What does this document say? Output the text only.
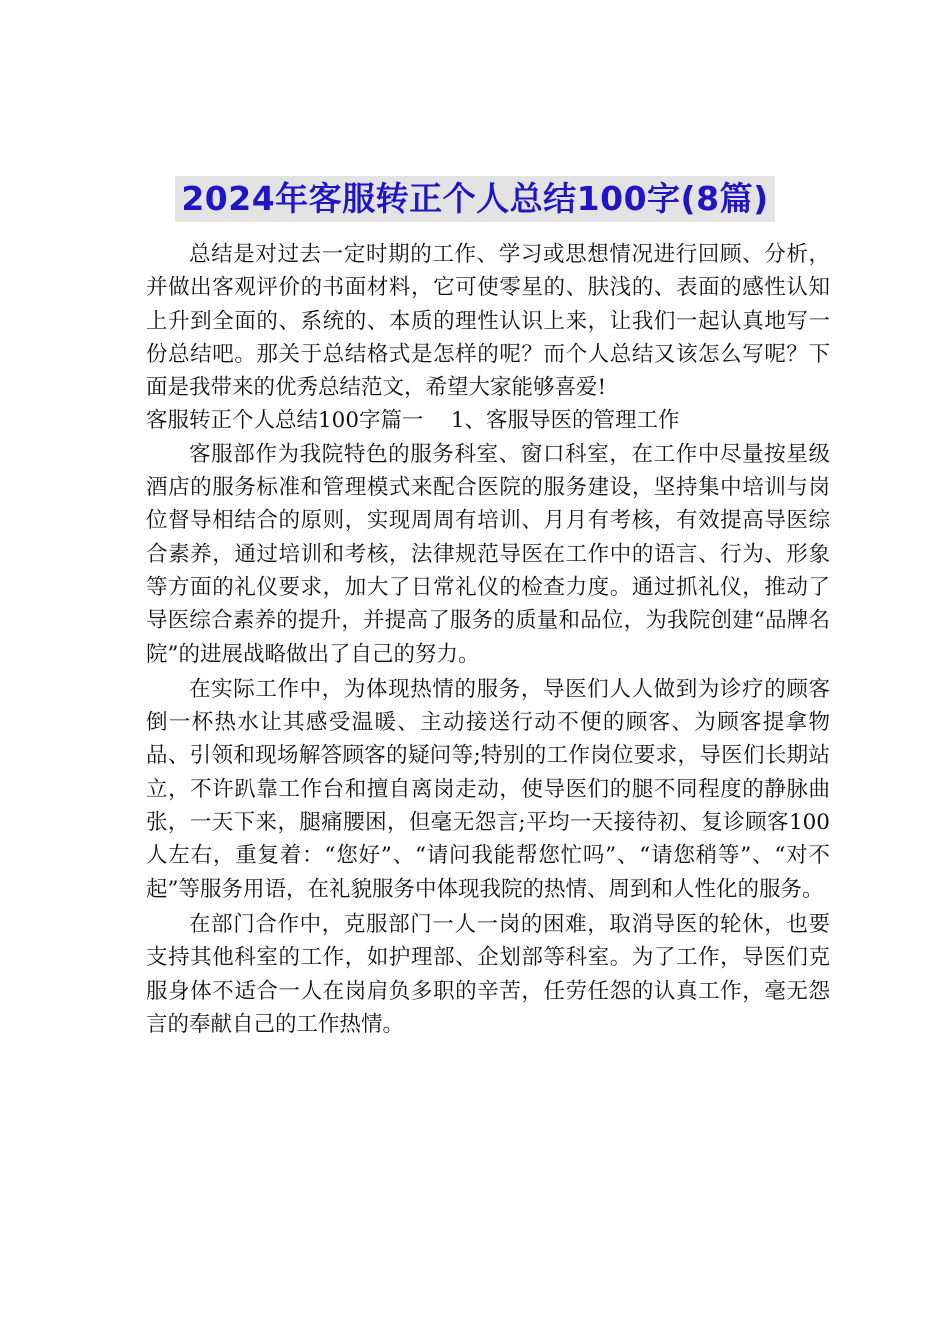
2024年客服转正个人总结100字(8篇)

总结是对过去一定时期的工作、学习或思想情况进行回顾、分析，并做出客观评价的书面材料，它可使零星的、肤浅的、表面的感性认知上升到全面的、系统的、本质的理性认识上来，让我们一起认真地写一份总结吧。那关于总结格式是怎样的呢？而个人总结又该怎么写呢？下面是我带来的优秀总结范文，希望大家能够喜爱!

客服转正个人总结100字篇一    1、客服导医的管理工作

客服部作为我院特色的服务科室、窗口科室，在工作中尽量按星级酒店的服务标准和管理模式来配合医院的服务建设，坚持集中培训与岗位督导相结合的原则，实现周周有培训、月月有考核，有效提高导医综合素养，通过培训和考核，法律规范导医在工作中的语言、行为、形象等方面的礼仪要求，加大了日常礼仪的检查力度。通过抓礼仪，推动了导医综合素养的提升，并提高了服务的质量和品位，为我院创建“品牌名院”的进展战略做出了自己的努力。

在实际工作中，为体现热情的服务，导医们人人做到为诊疗的顾客倒一杯热水让其感受温暖、主动接送行动不便的顾客、为顾客提拿物品、引领和现场解答顾客的疑问等;特别的工作岗位要求，导医们长期站立，不许趴靠工作台和擅自离岗走动，使导医们的腿不同程度的静脉曲张，一天下来，腿痛腰困，但毫无怨言;平均一天接待初、复诊顾客100人左右，重复着：“您好”、“请问我能帮您忙吗”、“请您稍等”、“对不起”等服务用语，在礼貌服务中体现我院的热情、周到和人性化的服务。

在部门合作中，克服部门一人一岗的困难，取消导医的轮休，也要支持其他科室的工作，如护理部、企划部等科室。为了工作，导医们克服身体不适合一人在岗肩负多职的辛苦，任劳任怨的认真工作，毫无怨言的奉献自己的工作热情。
